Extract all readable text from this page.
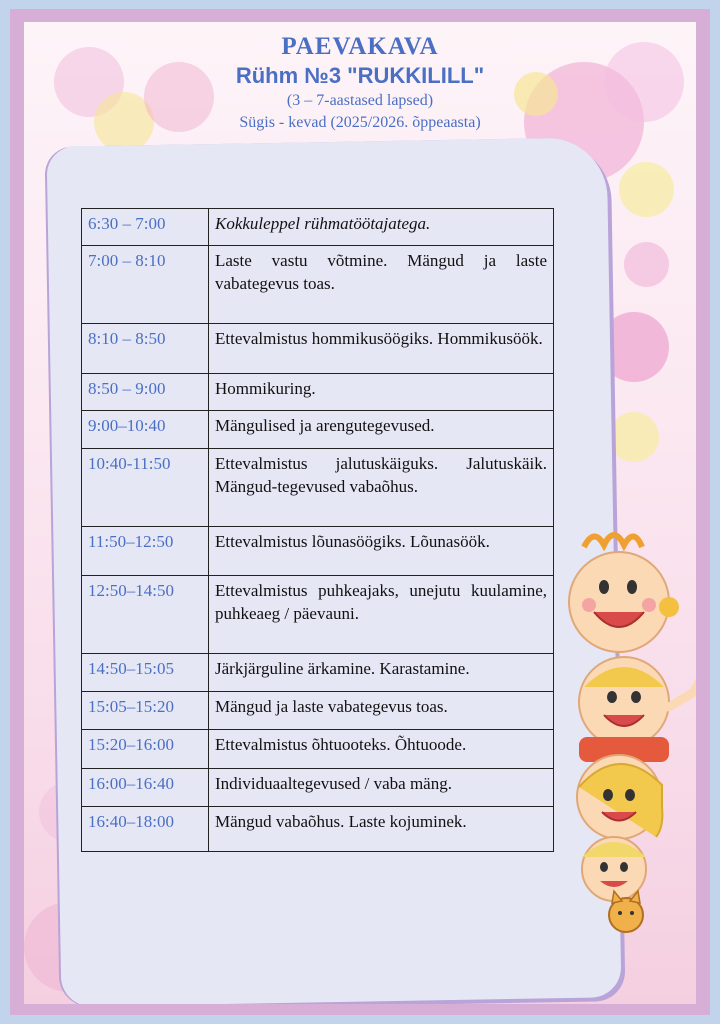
PAEVAKAVA

Rühm №3 "RUKKILILL"

(3 – 7-aastased lapsed)

Sügis - kevad (2025/2026. õppeaasta)

6:30 – 7:00	Kokkuleppel rühmatöötajatega.
7:00 – 8:10	Laste vastu võtmine. Mängud ja laste vabategevus toas.
8:10 – 8:50	Ettevalmistus hommikusöögiks. Hommikusöök.
8:50 – 9:00	Hommikuring.
9:00–10:40	Mängulised ja arengutegevused.
10:40-11:50	Ettevalmistus jalutuskäiguks. Jalutuskäik. Mängud-tegevused vabaõhus.
11:50–12:50	Ettevalmistus lõunasöögiks. Lõunasöök.
12:50–14:50	Ettevalmistus puhkeajaks, unejutu kuulamine, puhkeaeg / päevauni.
14:50–15:05	Järkjärguline ärkamine. Karastamine.
15:05–15:20	Mängud ja laste vabategevus toas.
15:20–16:00	Ettevalmistus õhtuooteks. Õhtuoode.
16:00–16:40	Individuaaltegevused / vaba mäng.
16:40–18:00	Mängud vabaõhus. Laste kojuminek.
